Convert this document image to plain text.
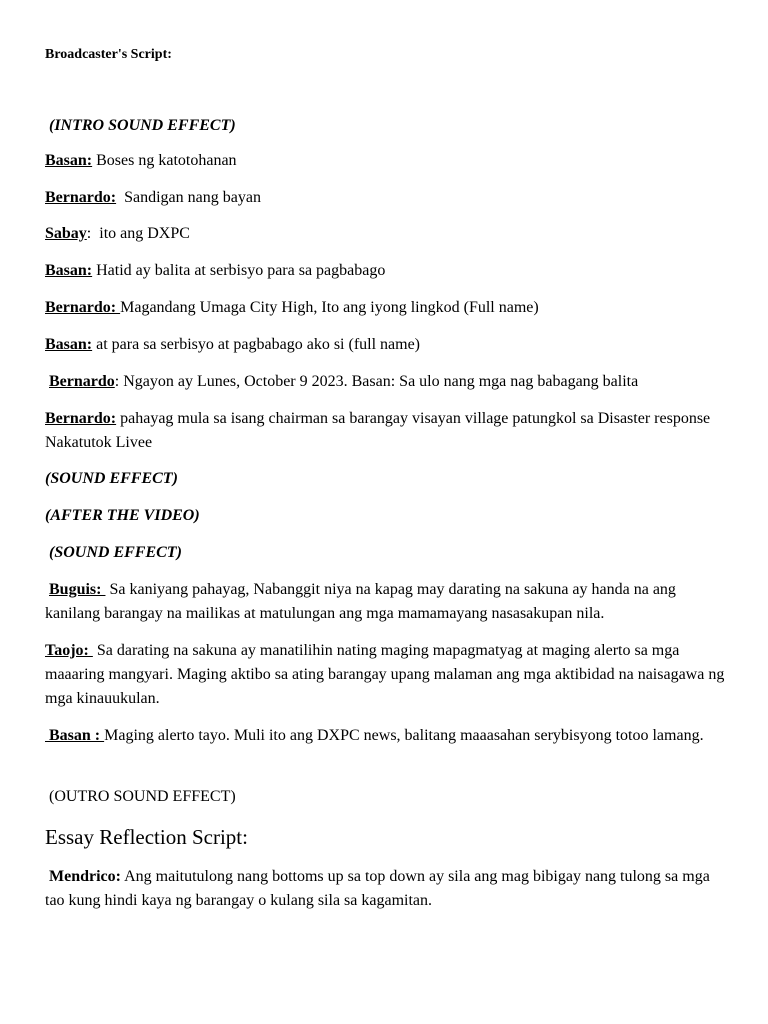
Broadcaster's Script:
(INTRO SOUND EFFECT)
Basan: Boses ng katotohanan
Bernardo:  Sandigan nang bayan
Sabay:  ito ang DXPC
Basan: Hatid ay balita at serbisyo para sa pagbabago
Bernardo: Magandang Umaga City High, Ito ang iyong lingkod (Full name)
Basan: at para sa serbisyo at pagbabago ako si (full name)
Bernardo: Ngayon ay Lunes, October 9 2023. Basan: Sa ulo nang mga nag babagang balita
Bernardo: pahayag mula sa isang chairman sa barangay visayan village patungkol sa Disaster response Nakatutok Livee
(SOUND EFFECT)
(AFTER THE VIDEO)
(SOUND EFFECT)
Buguis:  Sa kaniyang pahayag, Nabanggit niya na kapag may darating na sakuna ay handa na ang kanilang barangay na mailikas at matulungan ang mga mamamayang nasasakupan nila.
Taojo:  Sa darating na sakuna ay manatilihin nating maging mapagmatyag at maging alerto sa mga maaaring mangyari. Maging aktibo sa ating barangay upang malaman ang mga aktibidad na naisagawa ng mga kinauukulan.
Basan : Maging alerto tayo. Muli ito ang DXPC news, balitang maaasahan serybisyong totoo lamang.
(OUTRO SOUND EFFECT)
Essay Reflection Script:
Mendrico: Ang maitutulong nang bottoms up sa top down ay sila ang mag bibigay nang tulong sa mga tao kung hindi kaya ng barangay o kulang sila sa kagamitan.
